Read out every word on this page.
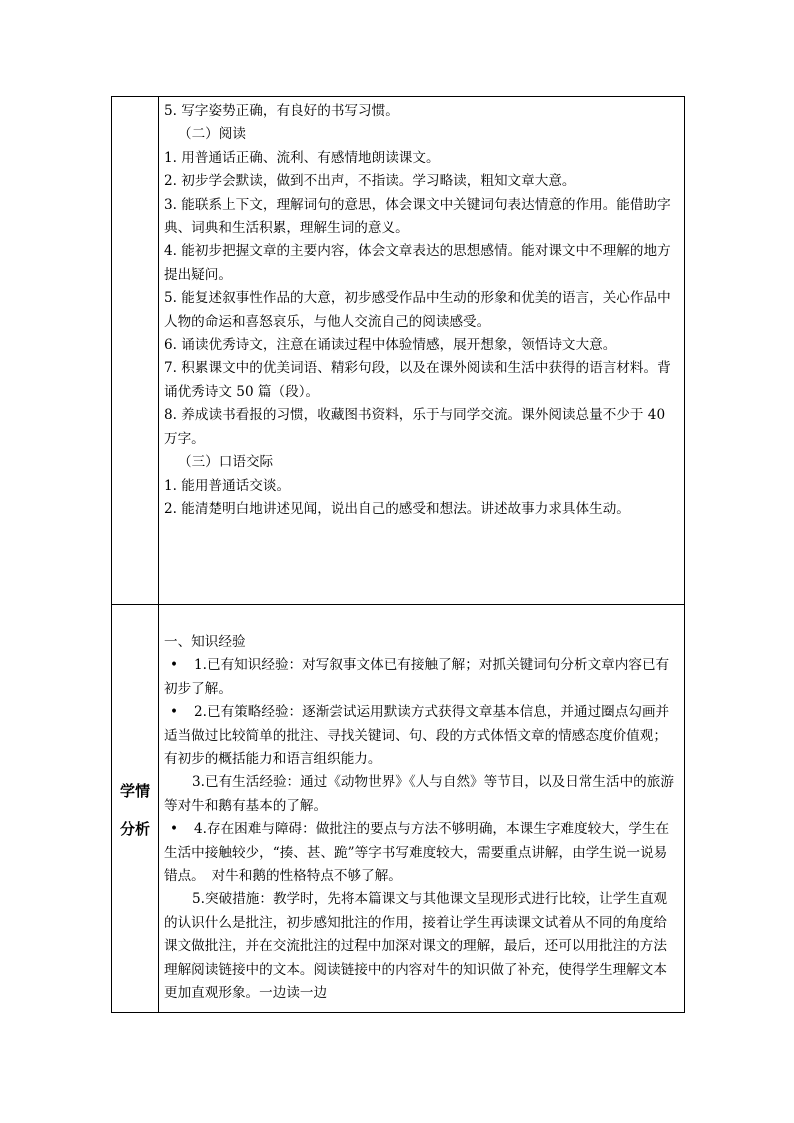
5. 写字姿势正确，有良好的书写习惯。

（二）阅读

1. 用普通话正确、流利、有感情地朗读课文。

2. 初步学会默读，做到不出声，不指读。学习略读，粗知文章大意。

3. 能联系上下文，理解词句的意思，体会课文中关键词句表达情意的作用。能借助字典、词典和生活积累，理解生词的意义。

4. 能初步把握文章的主要内容，体会文章表达的思想感情。能对课文中不理解的地方提出疑问。

5. 能复述叙事性作品的大意，初步感受作品中生动的形象和优美的语言，关心作品中人物的命运和喜怒哀乐，与他人交流自己的阅读感受。

6. 诵读优秀诗文，注意在诵读过程中体验情感，展开想象，领悟诗文大意。

7. 积累课文中的优美词语、精彩句段，以及在课外阅读和生活中获得的语言材料。背诵优秀诗文 50 篇（段）。

8. 养成读书看报的习惯，收藏图书资料，乐于与同学交流。课外阅读总量不少于 40 万字。

（三）口语交际

1. 能用普通话交谈。

2. 能清楚明白地讲述见闻，说出自己的感受和想法。讲述故事力求具体生动。

学情
分析

一、知识经验

• 1.已有知识经验：对写叙事文体已有接触了解；对抓关键词句分析文章内容已有初步了解。

• 2.已有策略经验：逐渐尝试运用默读方式获得文章基本信息，并通过圈点勾画并适当做过比较简单的批注、寻找关键词、句、段的方式体悟文章的情感态度价值观；有初步的概括能力和语言组织能力。

3.已有生活经验：通过《动物世界》《人与自然》等节目，以及日常生活中的旅游等对牛和鹅有基本的了解。

• 4.存在困难与障碍：做批注的要点与方法不够明确，本课生字难度较大，学生在生活中接触较少，“揍、甚、跪”等字书写难度较大，需要重点讲解，由学生说一说易错点。　对牛和鹅的性格特点不够了解。

5.突破措施：教学时，先将本篇课文与其他课文呈现形式进行比较，让学生直观的认识什么是批注，初步感知批注的作用，接着让学生再读课文试着从不同的角度给课文做批注，并在交流批注的过程中加深对课文的理解，最后，还可以用批注的方法理解阅读链接中的文本。阅读链接中的内容对牛的知识做了补充，使得学生理解文本更加直观形象。一边读一边
